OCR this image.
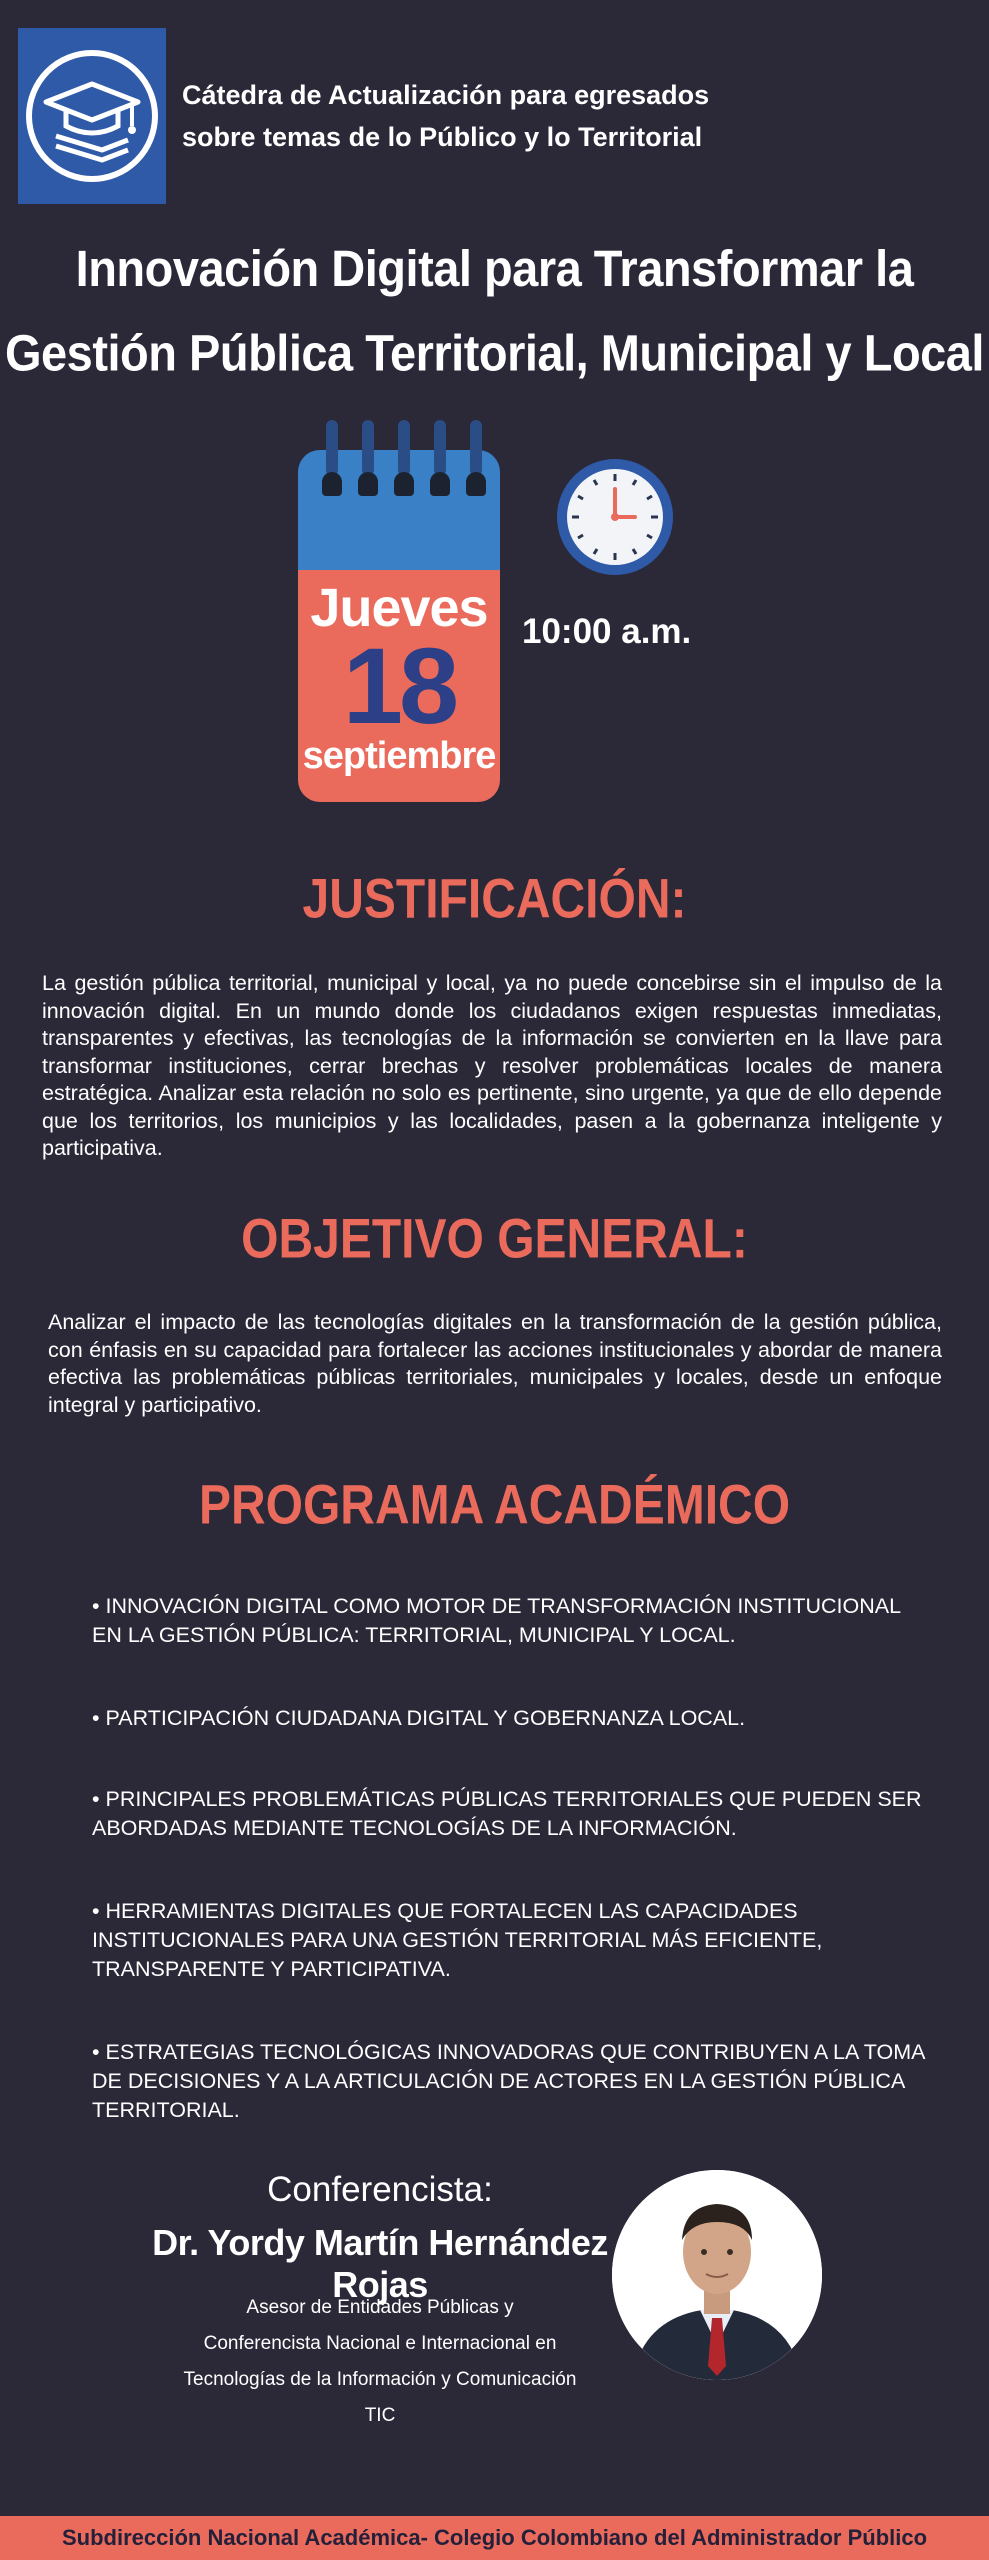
Cátedra de Actualización para egresados
sobre temas de lo Público y lo Territorial
Innovación Digital para Transformar la
Gestión Pública Territorial, Municipal y Local
Jueves
18
septiembre
10:00 a.m.
JUSTIFICACIÓN:
La gestión pública territorial, municipal y local, ya no puede concebirse sin el impulso de la innovación digital. En un mundo donde los ciudadanos exigen respuestas inmediatas, transparentes y efectivas, las tecnologías de la información se convierten en la llave para transformar instituciones, cerrar brechas y resolver problemáticas locales de manera estratégica. Analizar esta relación no solo es pertinente, sino urgente, ya que de ello depende que los territorios, los municipios y las localidades, pasen a la gobernanza inteligente y participativa.
OBJETIVO GENERAL:
Analizar el impacto de las tecnologías digitales en la transformación de la gestión pública, con énfasis en su capacidad para fortalecer las acciones institucionales y abordar de manera efectiva las problemáticas públicas territoriales, municipales y locales, desde un enfoque integral y participativo.
PROGRAMA ACADÉMICO
• INNOVACIÓN DIGITAL COMO MOTOR DE TRANSFORMACIÓN INSTITUCIONAL EN LA GESTIÓN PÚBLICA: TERRITORIAL, MUNICIPAL Y LOCAL.
• PARTICIPACIÓN CIUDADANA DIGITAL Y GOBERNANZA LOCAL.
• PRINCIPALES PROBLEMÁTICAS PÚBLICAS TERRITORIALES QUE PUEDEN SER ABORDADAS MEDIANTE TECNOLOGÍAS DE LA INFORMACIÓN.
• HERRAMIENTAS DIGITALES QUE FORTALECEN LAS CAPACIDADES INSTITUCIONALES PARA UNA GESTIÓN TERRITORIAL MÁS EFICIENTE, TRANSPARENTE Y PARTICIPATIVA.
• ESTRATEGIAS TECNOLÓGICAS INNOVADORAS QUE CONTRIBUYEN A LA TOMA DE DECISIONES Y A LA ARTICULACIÓN DE ACTORES EN LA GESTIÓN PÚBLICA TERRITORIAL.
Conferencista:
Dr. Yordy Martín Hernández Rojas
Asesor de Entidades Públicas y
Conferencista Nacional e Internacional en
Tecnologías de la Información y Comunicación TIC
Subdirección Nacional Académica- Colegio Colombiano del Administrador Público
